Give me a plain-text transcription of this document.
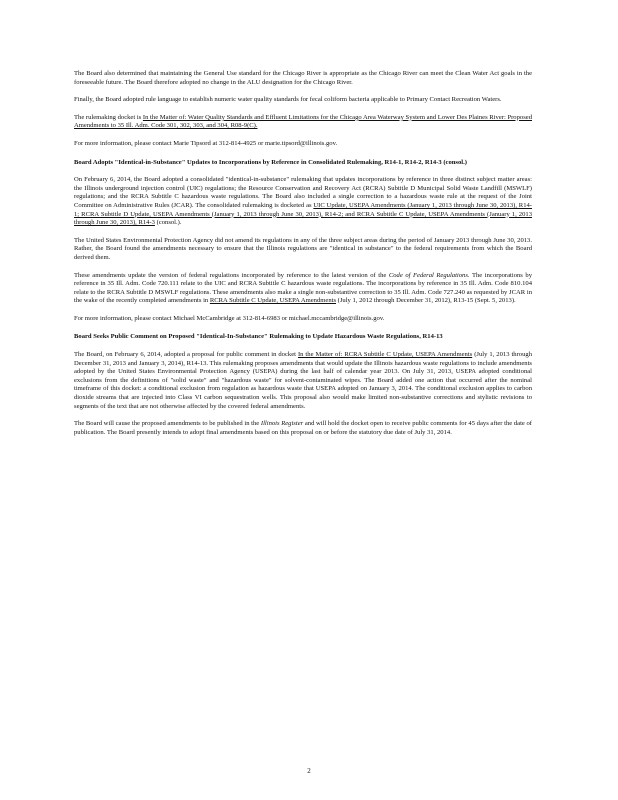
The Board also determined that maintaining the General Use standard for the Chicago River is appropriate as the Chicago River can meet the Clean Water Act goals in the foreseeable future. The Board therefore adopted no change in the ALU designation for the Chicago River.

Finally, the Board adopted rule language to establish numeric water quality standards for fecal coliform bacteria applicable to Primary Contact Recreation Waters.

The rulemaking docket is In the Matter of: Water Quality Standards and Effluent Limitations for the Chicago Area Waterway System and Lower Des Plaines River: Proposed Amendments to 35 Ill. Adm. Code 301, 302, 303, and 304, R08-9(C).

For more information, please contact Marie Tipsord at 312-814-4925 or marie.tipsord@illinois.gov.

Board Adopts "Identical-in-Substance" Updates to Incorporations by Reference in Consolidated Rulemaking, R14-1, R14-2, R14-3 (consol.)

On February 6, 2014, the Board adopted a consolidated "identical-in-substance" rulemaking that updates incorporations by reference in three distinct subject matter areas: the Illinois underground injection control (UIC) regulations; the Resource Conservation and Recovery Act (RCRA) Subtitle D Municipal Solid Waste Landfill (MSWLF) regulations; and the RCRA Subtitle C hazardous waste regulations. The Board also included a single correction to a hazardous waste rule at the request of the Joint Committee on Administrative Rules (JCAR). The consolidated rulemaking is docketed as UIC Update, USEPA Amendments (January 1, 2013 through June 30, 2013), R14-1; RCRA Subtitle D Update, USEPA Amendments (January 1, 2013 through June 30, 2013), R14-2; and RCRA Subtitle C Update, USEPA Amendments (January 1, 2013 through June 30, 2013), R14-3 (consol.).

The United States Environmental Protection Agency did not amend its regulations in any of the three subject areas during the period of January 2013 through June 30, 2013. Rather, the Board found the amendments necessary to ensure that the Illinois regulations are "identical in substance" to the federal requirements from which the Board derived them.

These amendments update the version of federal regulations incorporated by reference to the latest version of the Code of Federal Regulations. The incorporations by reference in 35 Ill. Adm. Code 720.111 relate to the UIC and RCRA Subtitle C hazardous waste regulations. The incorporations by reference in 35 Ill. Adm. Code 810.104 relate to the RCRA Subtitle D MSWLF regulations. These amendments also make a single non-substantive correction to 35 Ill. Adm. Code 727.240 as requested by JCAR in the wake of the recently completed amendments in RCRA Subtitle C Update, USEPA Amendments (July 1, 2012 through December 31, 2012), R13-15 (Sept. 5, 2013).

For more information, please contact Michael McCambridge at 312-814-6983 or michael.mccambridge@illinois.gov.

Board Seeks Public Comment on Proposed "Identical-In-Substance" Rulemaking to Update Hazardous Waste Regulations, R14-13

The Board, on February 6, 2014, adopted a proposal for public comment in docket In the Matter of: RCRA Subtitle C Update, USEPA Amendments (July 1, 2013 through December 31, 2013 and January 3, 2014), R14-13. This rulemaking proposes amendments that would update the Illinois hazardous waste regulations to include amendments adopted by the United States Environmental Protection Agency (USEPA) during the last half of calendar year 2013. On July 31, 2013, USEPA adopted conditional exclusions from the definitions of "solid waste" and "hazardous waste" for solvent-contaminated wipes. The Board added one action that occurred after the nominal timeframe of this docket: a conditional exclusion from regulation as hazardous waste that USEPA adopted on January 3, 2014. The conditional exclusion applies to carbon dioxide streams that are injected into Class VI carbon sequestration wells. This proposal also would make limited non-substantive corrections and stylistic revisions to segments of the text that are not otherwise affected by the covered federal amendments.

The Board will cause the proposed amendments to be published in the Illinois Register and will hold the docket open to receive public comments for 45 days after the date of publication. The Board presently intends to adopt final amendments based on this proposal on or before the statutory due date of July 31, 2014.

2
